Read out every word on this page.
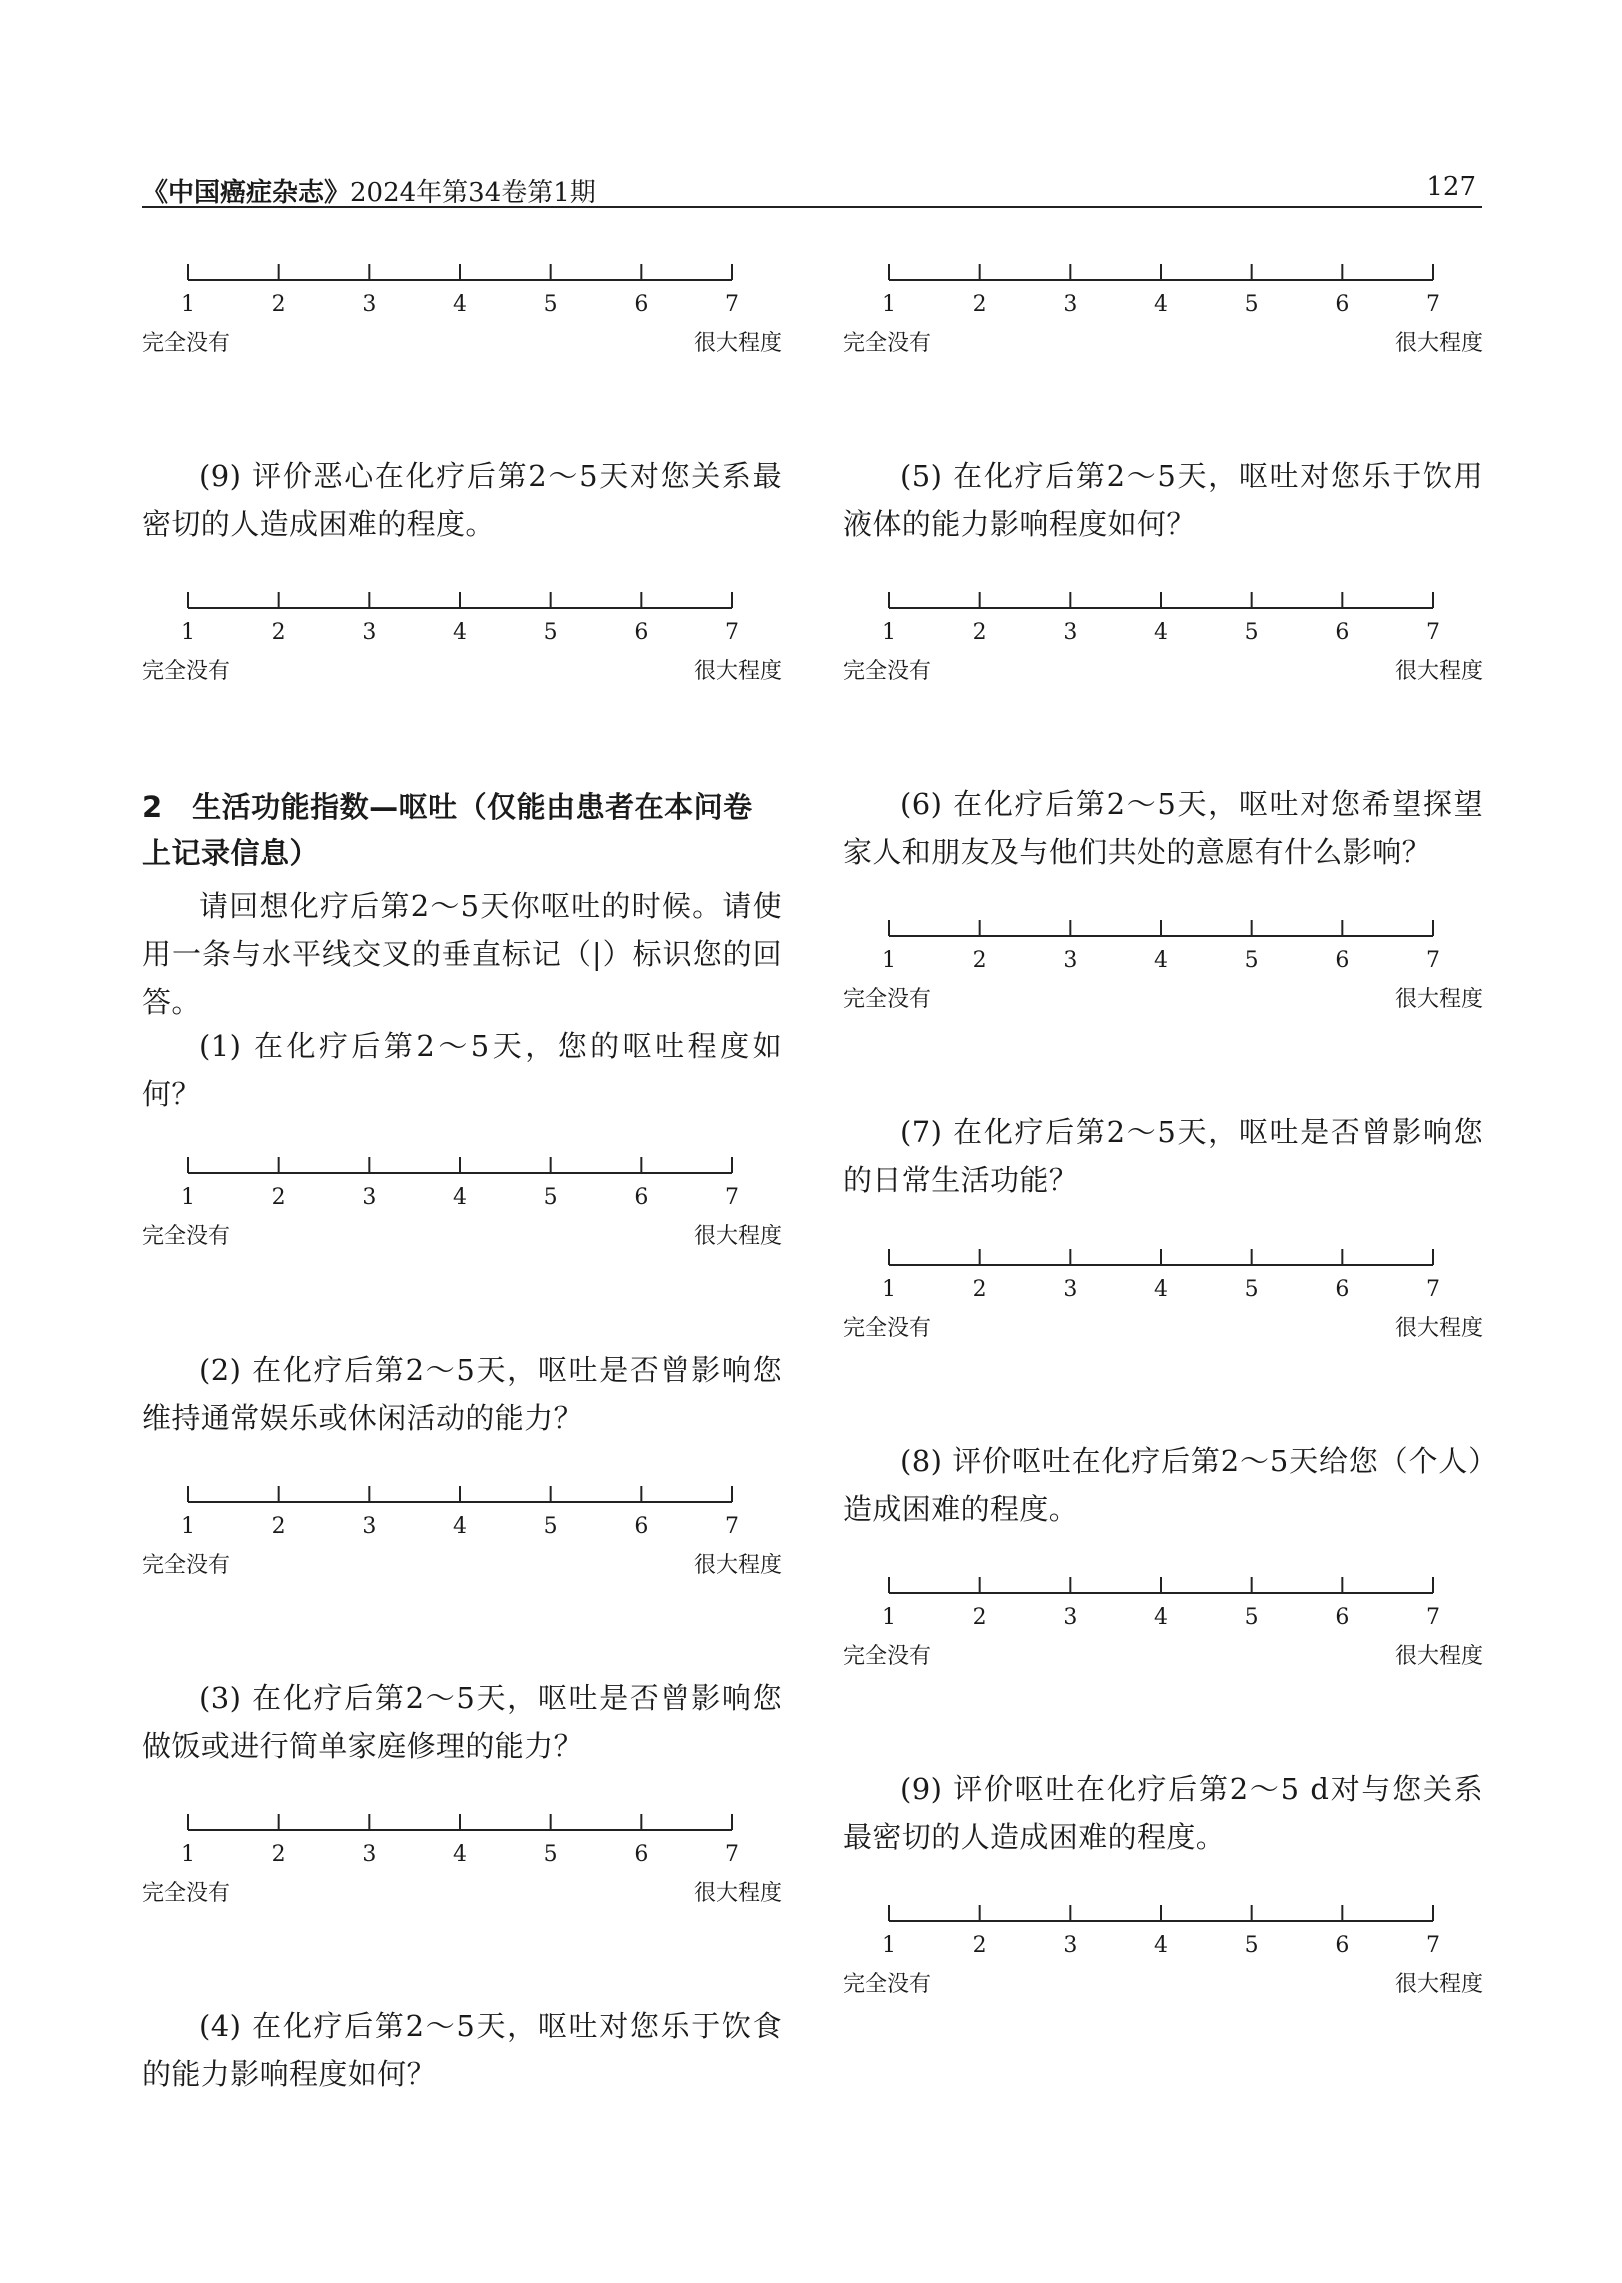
《中国癌症杂志》2024年第34卷第1期	127
1	2	3	4	5	6	7
完全没有	很大程度

(9) 评价恶心在化疗后第2～5天对您关系最密切的人造成困难的程度。

1	2	3	4	5	6	7
完全没有	很大程度
2　生活功能指数—呕吐（仅能由患者在本问卷上记录信息）

请回想化疗后第2～5天你呕吐的时候。请使用一条与水平线交叉的垂直标记（|）标识您的回答。

(1) 在化疗后第2～5天，您的呕吐程度如何？

1	2	3	4	5	6	7
完全没有	很大程度

(2) 在化疗后第2～5天，呕吐是否曾影响您维持通常娱乐或休闲活动的能力？

1	2	3	4	5	6	7
完全没有	很大程度

(3) 在化疗后第2～5天，呕吐是否曾影响您做饭或进行简单家庭修理的能力？

1	2	3	4	5	6	7
完全没有	很大程度

(4) 在化疗后第2～5天，呕吐对您乐于饮食的能力影响程度如何？

1	2	3	4	5	6	7
完全没有	很大程度

(5) 在化疗后第2～5天，呕吐对您乐于饮用液体的能力影响程度如何？

1	2	3	4	5	6	7
完全没有	很大程度

(6) 在化疗后第2～5天，呕吐对您希望探望家人和朋友及与他们共处的意愿有什么影响？

1	2	3	4	5	6	7
完全没有	很大程度

(7) 在化疗后第2～5天，呕吐是否曾影响您的日常生活功能？

1	2	3	4	5	6	7
完全没有	很大程度

(8) 评价呕吐在化疗后第2～5天给您（个人）造成困难的程度。

1	2	3	4	5	6	7
完全没有	很大程度

(9) 评价呕吐在化疗后第2～5 d对与您关系最密切的人造成困难的程度。

1	2	3	4	5	6	7
完全没有	很大程度
